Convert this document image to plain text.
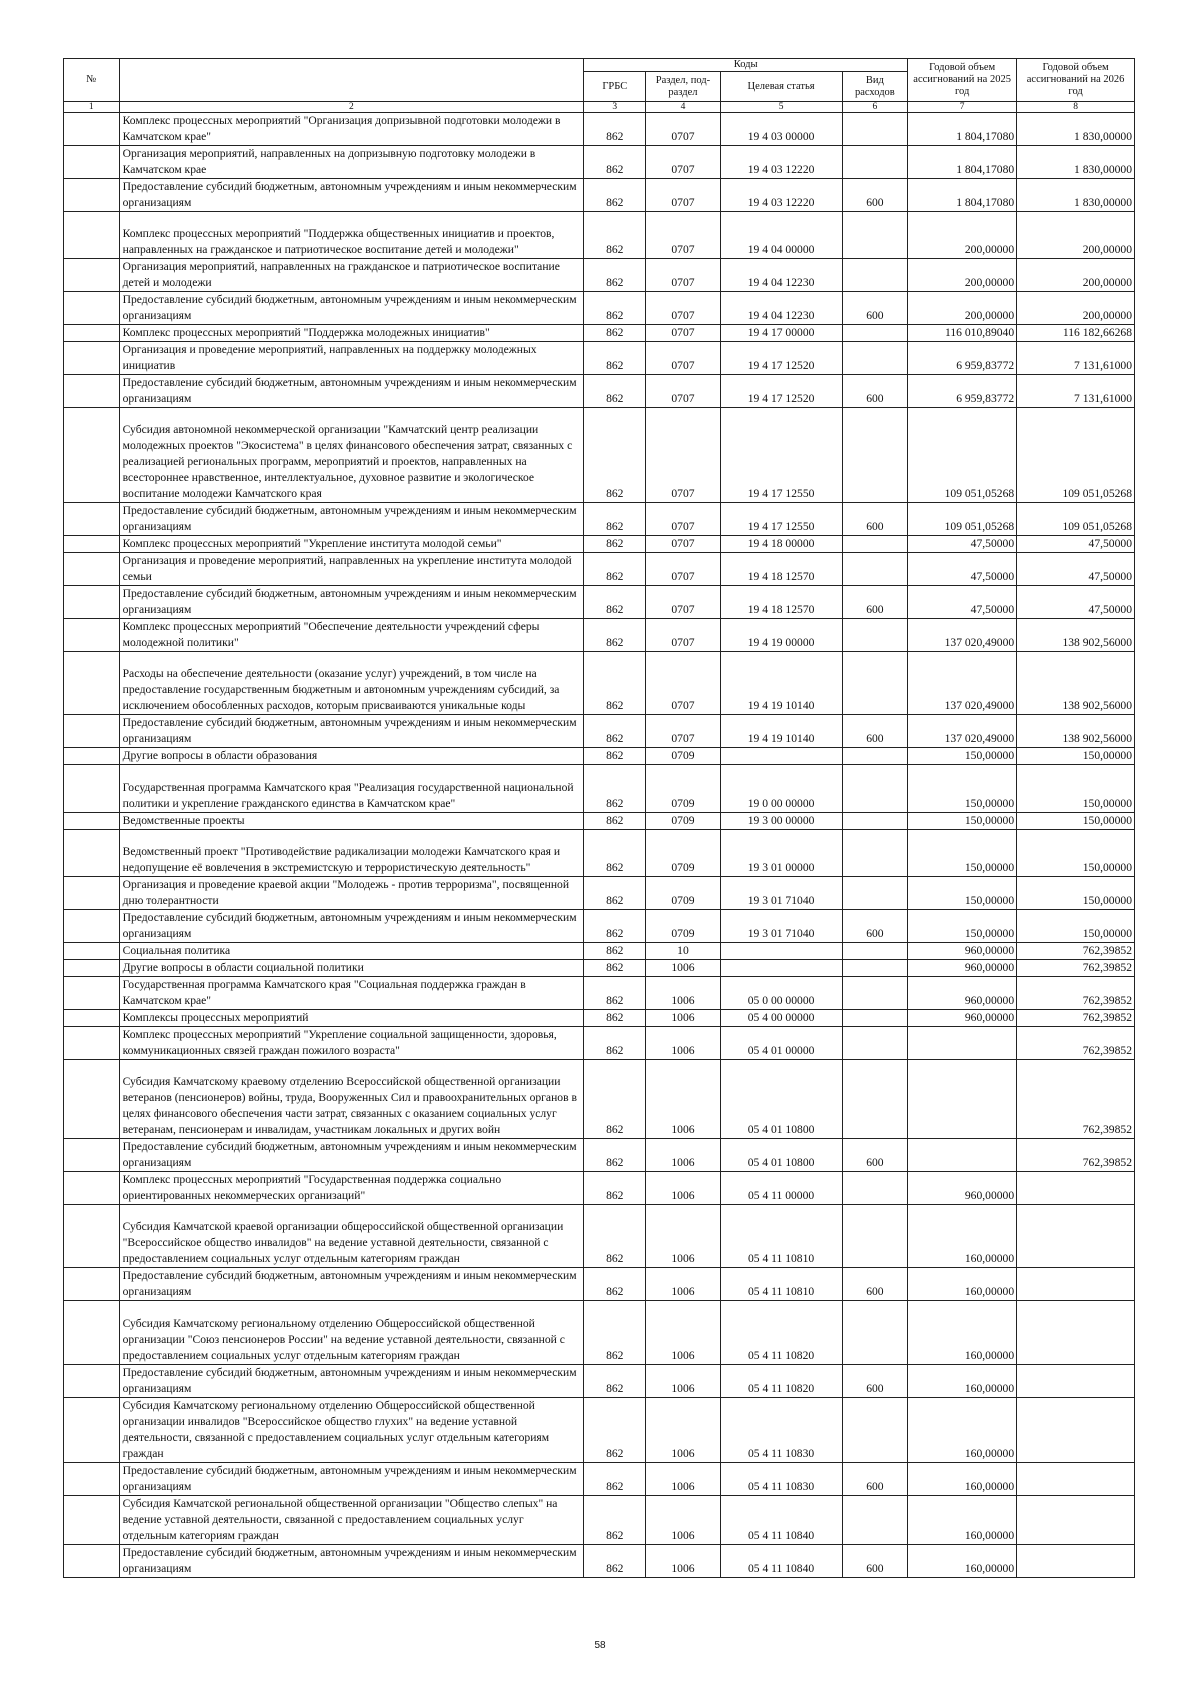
№		Коды				Годовой объем ассигнований на 2025 год	Годовой объем ассигнований на 2026 год
		ГРБС	Раздел, под-раздел	Целевая статья	Вид расходов		
1	2	3	4	5	6	7	8
	Комплекс процессных мероприятий "Организация допризывной подготовки молодежи в Камчатском крае"	862	0707	19 4 03 00000		1 804,17080	1 830,00000
	Организация мероприятий, направленных на допризывную подготовку молодежи в Камчатском крае	862	0707	19 4 03 12220		1 804,17080	1 830,00000
	Предоставление субсидий бюджетным, автономным учреждениям и иным некоммерческим организациям	862	0707	19 4 03 12220	600	1 804,17080	1 830,00000
	Комплекс процессных мероприятий "Поддержка общественных инициатив и проектов, направленных на гражданское и патриотическое воспитание детей и молодежи"	862	0707	19 4 04 00000		200,00000	200,00000
	Организация мероприятий, направленных на гражданское и патриотическое воспитание детей и молодежи	862	0707	19 4 04 12230		200,00000	200,00000
	Предоставление субсидий бюджетным, автономным учреждениям и иным некоммерческим организациям	862	0707	19 4 04 12230	600	200,00000	200,00000
	Комплекс процессных мероприятий "Поддержка молодежных инициатив"	862	0707	19 4 17 00000		116 010,89040	116 182,66268
	Организация и проведение мероприятий, направленных на поддержку молодежных инициатив	862	0707	19 4 17 12520		6 959,83772	7 131,61000
	Предоставление субсидий бюджетным, автономным учреждениям и иным некоммерческим организациям	862	0707	19 4 17 12520	600	6 959,83772	7 131,61000
	Субсидия автономной некоммерческой организации "Камчатский центр реализации молодежных проектов "Экосистема" в целях финансового обеспечения затрат, связанных с реализацией региональных программ, мероприятий и проектов, направленных на всестороннее нравственное, интеллектуальное, духовное развитие и экологическое воспитание молодежи Камчатского края	862	0707	19 4 17 12550		109 051,05268	109 051,05268
	Предоставление субсидий бюджетным, автономным учреждениям и иным некоммерческим организациям	862	0707	19 4 17 12550	600	109 051,05268	109 051,05268
	Комплекс процессных мероприятий "Укрепление института молодой семьи"	862	0707	19 4 18 00000		47,50000	47,50000
	Организация и проведение мероприятий, направленных на укрепление института молодой семьи	862	0707	19 4 18 12570		47,50000	47,50000
	Предоставление субсидий бюджетным, автономным учреждениям и иным некоммерческим организациям	862	0707	19 4 18 12570	600	47,50000	47,50000
	Комплекс процессных мероприятий "Обеспечение деятельности учреждений сферы молодежной политики"	862	0707	19 4 19 00000		137 020,49000	138 902,56000
	Расходы на обеспечение деятельности (оказание услуг) учреждений, в том числе на предоставление государственным бюджетным и автономным учреждениям субсидий, за исключением обособленных расходов, которым присваиваются уникальные коды	862	0707	19 4 19 10140		137 020,49000	138 902,56000
	Предоставление субсидий бюджетным, автономным учреждениям и иным некоммерческим организациям	862	0707	19 4 19 10140	600	137 020,49000	138 902,56000
	Другие вопросы в области образования	862	0709			150,00000	150,00000
	Государственная программа Камчатского края "Реализация государственной национальной политики и укрепление гражданского единства в Камчатском крае"	862	0709	19 0 00 00000		150,00000	150,00000
	Ведомственные проекты	862	0709	19 3 00 00000		150,00000	150,00000
	Ведомственный проект "Противодействие радикализации молодежи Камчатского края и недопущение её вовлечения в экстремистскую и террористическую деятельность"	862	0709	19 3 01 00000		150,00000	150,00000
	Организация и проведение краевой акции "Молодежь - против терроризма", посвященной дню толерантности	862	0709	19 3 01 71040		150,00000	150,00000
	Предоставление субсидий бюджетным, автономным учреждениям и иным некоммерческим организациям	862	0709	19 3 01 71040	600	150,00000	150,00000
	Социальная политика	862	10			960,00000	762,39852
	Другие вопросы в области социальной политики	862	1006			960,00000	762,39852
	Государственная программа Камчатского края "Социальная поддержка граждан в Камчатском крае"	862	1006	05 0 00 00000		960,00000	762,39852
	Комплексы процессных мероприятий	862	1006	05 4 00 00000		960,00000	762,39852
	Комплекс процессных мероприятий "Укрепление социальной защищенности, здоровья, коммуникационных связей граждан пожилого возраста"	862	1006	05 4 01 00000			762,39852
	Субсидия Камчатскому краевому отделению Всероссийской общественной организации ветеранов (пенсионеров) войны, труда, Вооруженных Сил и правоохранительных органов в целях финансового обеспечения части затрат, связанных с оказанием социальных услуг ветеранам, пенсионерам и инвалидам, участникам локальных и других войн	862	1006	05 4 01 10800			762,39852
	Предоставление субсидий бюджетным, автономным учреждениям и иным некоммерческим организациям	862	1006	05 4 01 10800	600		762,39852
	Комплекс процессных мероприятий "Государственная поддержка социально ориентированных некоммерческих организаций"	862	1006	05 4 11 00000		960,00000	
	Субсидия Камчатской краевой организации общероссийской общественной организации "Всероссийское общество инвалидов" на ведение уставной деятельности, связанной с предоставлением социальных услуг отдельным категориям граждан	862	1006	05 4 11 10810		160,00000	
	Предоставление субсидий бюджетным, автономным учреждениям и иным некоммерческим организациям	862	1006	05 4 11 10810	600	160,00000	
	Субсидия Камчатскому региональному отделению Общероссийской общественной организации "Союз пенсионеров России" на ведение уставной деятельности, связанной с предоставлением социальных услуг отдельным категориям граждан	862	1006	05 4 11 10820		160,00000	
	Предоставление субсидий бюджетным, автономным учреждениям и иным некоммерческим организациям	862	1006	05 4 11 10820	600	160,00000	
	Субсидия Камчатскому региональному отделению Общероссийской общественной организации инвалидов "Всероссийское общество глухих" на ведение уставной деятельности, связанной с предоставлением социальных услуг отдельным категориям граждан	862	1006	05 4 11 10830		160,00000	
	Предоставление субсидий бюджетным, автономным учреждениям и иным некоммерческим организациям	862	1006	05 4 11 10830	600	160,00000	
	Субсидия Камчатской региональной общественной организации "Общество слепых" на ведение уставной деятельности, связанной с предоставлением социальных услуг отдельным категориям граждан	862	1006	05 4 11 10840		160,00000	
	Предоставление субсидий бюджетным, автономным учреждениям и иным некоммерческим организациям	862	1006	05 4 11 10840	600	160,00000	
58
